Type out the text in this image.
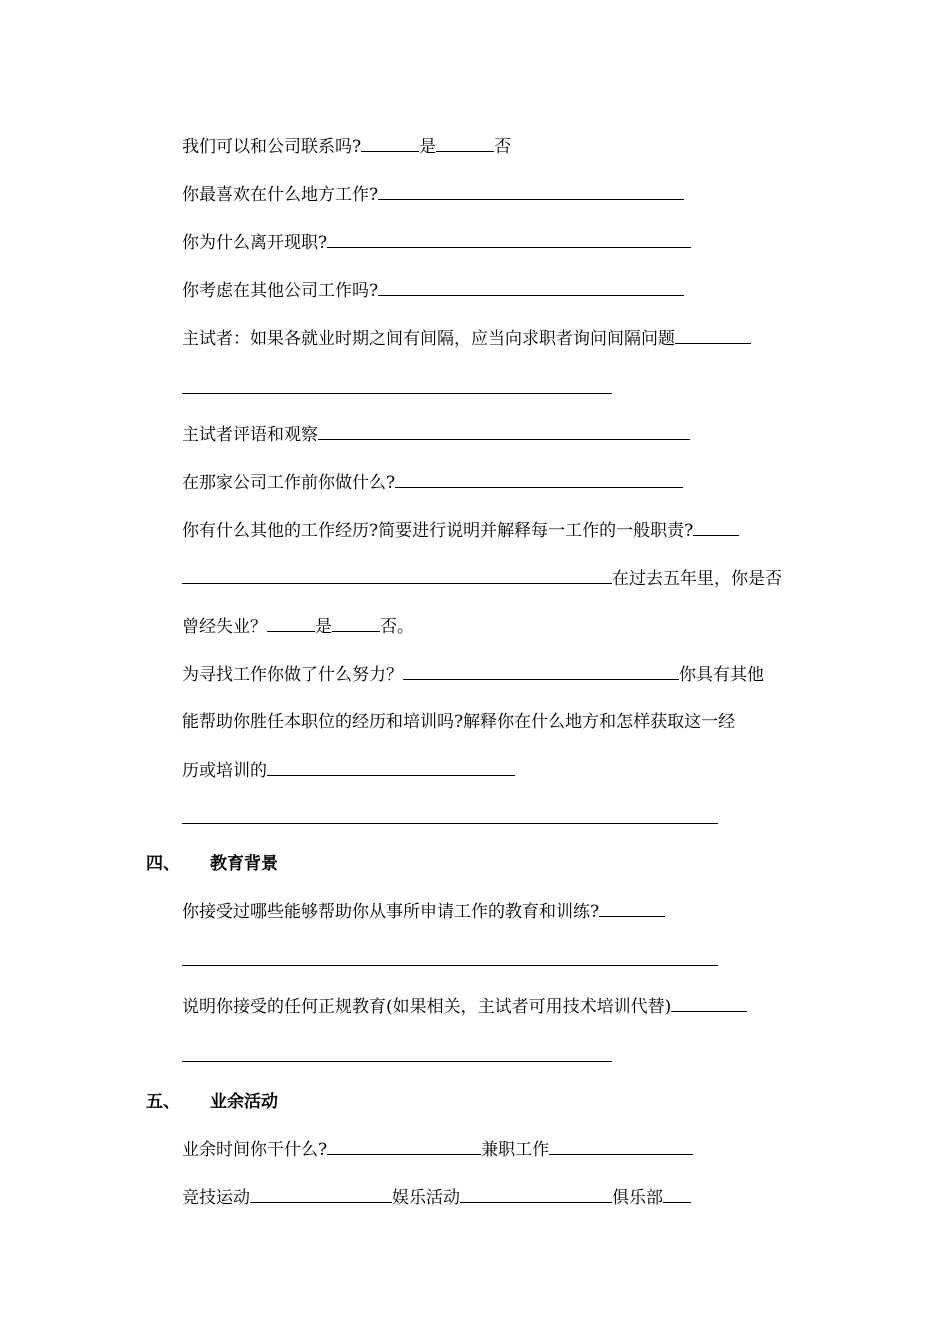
我们可以和公司联系吗?	是	否
你最喜欢在什么地方工作?
你为什么离开现职?
你考虑在其他公司工作吗?
主试者：如果各就业时期之间有间隔，应当向求职者询问间隔问题
主试者评语和观察
在那家公司工作前你做什么?
你有什么其他的工作经历?简要进行说明并解释每一工作的一般职责?
在过去五年里，你是否
曾经失业？	是	否。
为寻找工作你做了什么努力？	你具有其他
能帮助你胜任本职位的经历和培训吗?解释你在什么地方和怎样获取这一经
历或培训的
四、 教育背景
你接受过哪些能够帮助你从事所申请工作的教育和训练?
说明你接受的任何正规教育(如果相关，主试者可用技术培训代替)
五、 业余活动
业余时间你干什么?	兼职工作
竞技运动	娱乐活动	俱乐部
